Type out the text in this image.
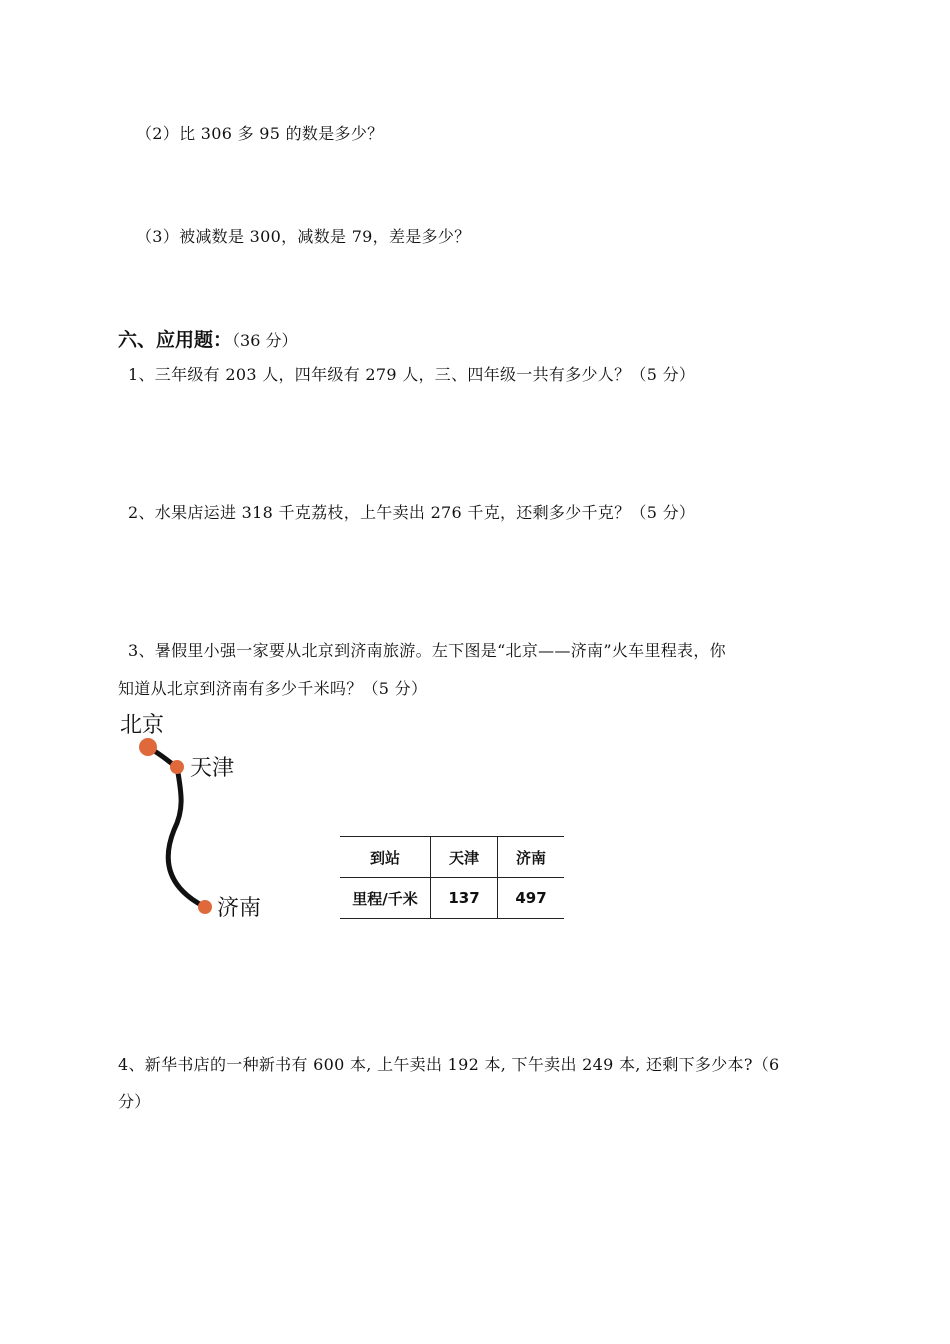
（2）比 306 多 95 的数是多少？
（3）被减数是 300，减数是 79，差是多少？
六、应用题：（36 分）
1、三年级有 203 人，四年级有 279 人，三、四年级一共有多少人？（5 分）
2、水果店运进 318 千克荔枝，上午卖出 276 千克，还剩多少千克？（5 分）
3、暑假里小强一家要从北京到济南旅游。左下图是“北京——济南”火车里程表，你
知道从北京到济南有多少千米吗？（5 分）
北京
天津
济南
到站	天津	济南
里程/千米	137	497
4、新华书店的一种新书有 600 本, 上午卖出 192 本, 下午卖出 249 本, 还剩下多少本?（6
分）
